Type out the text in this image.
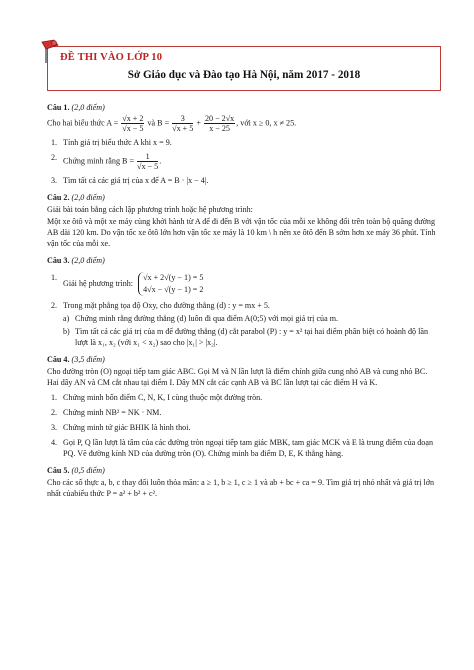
ĐỀ THI VÀO LỚP 10
Sở Giáo dục và Đào tạo Hà Nội, năm 2017 - 2018
Câu 1. (2,0 điểm)
Cho hai biểu thức $A = \frac{√x + 2}{√x - 5}$ và $B = \frac{3}{√x + 5} + \frac{20 - 2√x}{x - 25}$ , với x ≥ 0, x ≠ 25.
1. Tính giá trị biểu thức A khi x = 9.
2. Chứng minh rằng $B = \frac{1}{√x - 5}$ .
3. Tìm tất cả các giá trị của x để A = B · |x − 4|.
Câu 2. (2,0 điểm)
Giải bài toán bằng cách lập phương trình hoặc hệ phương trình:
Một xe ôtô và một xe máy cùng khởi hành từ A để đi đến B với vận tốc của mỗi xe không đổi trên toàn bộ quãng đường AB dài 120 km. Do vận tốc xe ôtô lớn hơn vận tốc xe máy là 10 km \ h nên xe ôtô đến B sớm hơn xe máy 36 phút. Tính vận tốc của mỗi xe.
Câu 3. (2,0 điểm)
1.
Giải hệ phương trình:
√x + 2√(y − 1) = 5
4√x − √(y − 1) = 2
2. Trong mặt phẳng tọa độ Oxy, cho đường thẳng (d) : y = mx + 5.
a) Chứng minh rằng đường thẳng (d) luôn đi qua điểm A(0;5) với mọi giá trị của m.
b) Tìm tất cả các giá trị của m để đường thẳng (d) cắt parabol (P) : y = x² tại hai điểm phân biệt có hoành độ lần lượt là x₁, x₂ (với x₁ < x₂) sao cho |x₁| > |x₂|.
Câu 4. (3,5 điểm)
Cho đường tròn (O) ngoại tiếp tam giác ABC. Gọi M và N lần lượt là điểm chính giữa cung nhỏ AB và cung nhỏ BC. Hai dây AN và CM cắt nhau tại điểm I. Dây MN cắt các cạnh AB và BC lần lượt tại các điểm H và K.
1. Chứng minh bốn điểm C, N, K, I cùng thuộc một đường tròn.
2. Chứng minh NB² = NK · NM.
3. Chứng minh tứ giác BHIK là hình thoi.
4. Gọi P, Q lần lượt là tâm của các đường tròn ngoại tiếp tam giác MBK, tam giác MCK và E là trung điểm của đoạn PQ. Vẽ đường kính ND của đường tròn (O). Chứng minh ba điểm D, E, K thẳng hàng.
Câu 5. (0,5 điểm)
Cho các số thực a, b, c thay đổi luôn thỏa mãn: a ≥ 1, b ≥ 1, c ≥ 1 và ab + bc + ca = 9. Tìm giá trị nhỏ nhất và giá trị lớn nhất củabiểu thức P = a² + b² + c².
